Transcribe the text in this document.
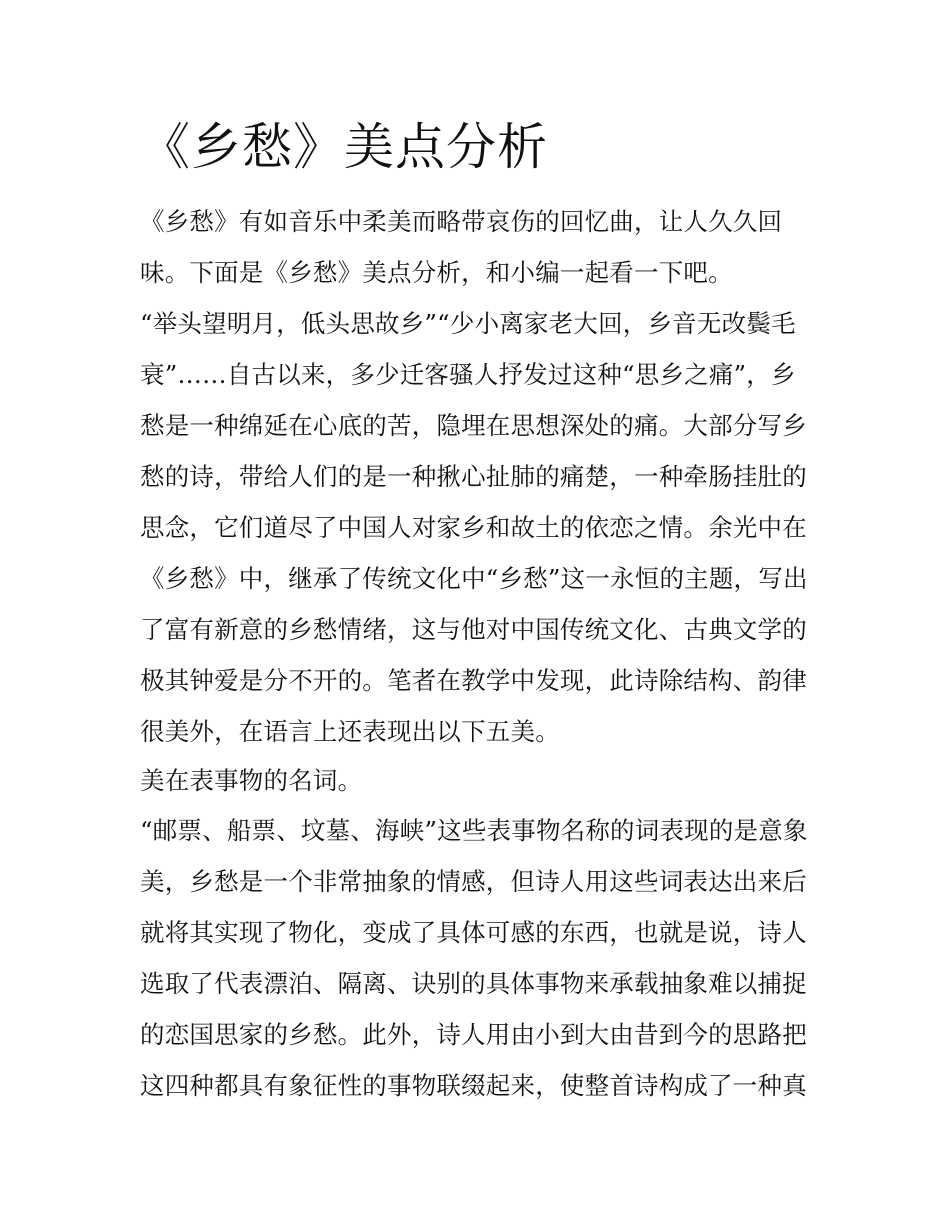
《乡愁》美点分析

《乡愁》有如音乐中柔美而略带哀伤的回忆曲，让人久久回

味。下面是《乡愁》美点分析，和小编一起看一下吧。

“举头望明月，低头思故乡”“少小离家老大回，乡音无改鬓毛

衰”……自古以来，多少迁客骚人抒发过这种“思乡之痛”，乡

愁是一种绵延在心底的苦，隐埋在思想深处的痛。大部分写乡

愁的诗，带给人们的是一种揪心扯肺的痛楚，一种牵肠挂肚的

思念，它们道尽了中国人对家乡和故土的依恋之情。余光中在

《乡愁》中，继承了传统文化中“乡愁”这一永恒的主题，写出

了富有新意的乡愁情绪，这与他对中国传统文化、古典文学的

极其钟爱是分不开的。笔者在教学中发现，此诗除结构、韵律

很美外，在语言上还表现出以下五美。

美在表事物的名词。

“邮票、船票、坟墓、海峡”这些表事物名称的词表现的是意象

美，乡愁是一个非常抽象的情感，但诗人用这些词表达出来后

就将其实现了物化，变成了具体可感的东西，也就是说，诗人

选取了代表漂泊、隔离、诀别的具体事物来承载抽象难以捕捉

的恋国思家的乡愁。此外，诗人用由小到大由昔到今的思路把

这四种都具有象征性的事物联缀起来，使整首诗构成了一种真
